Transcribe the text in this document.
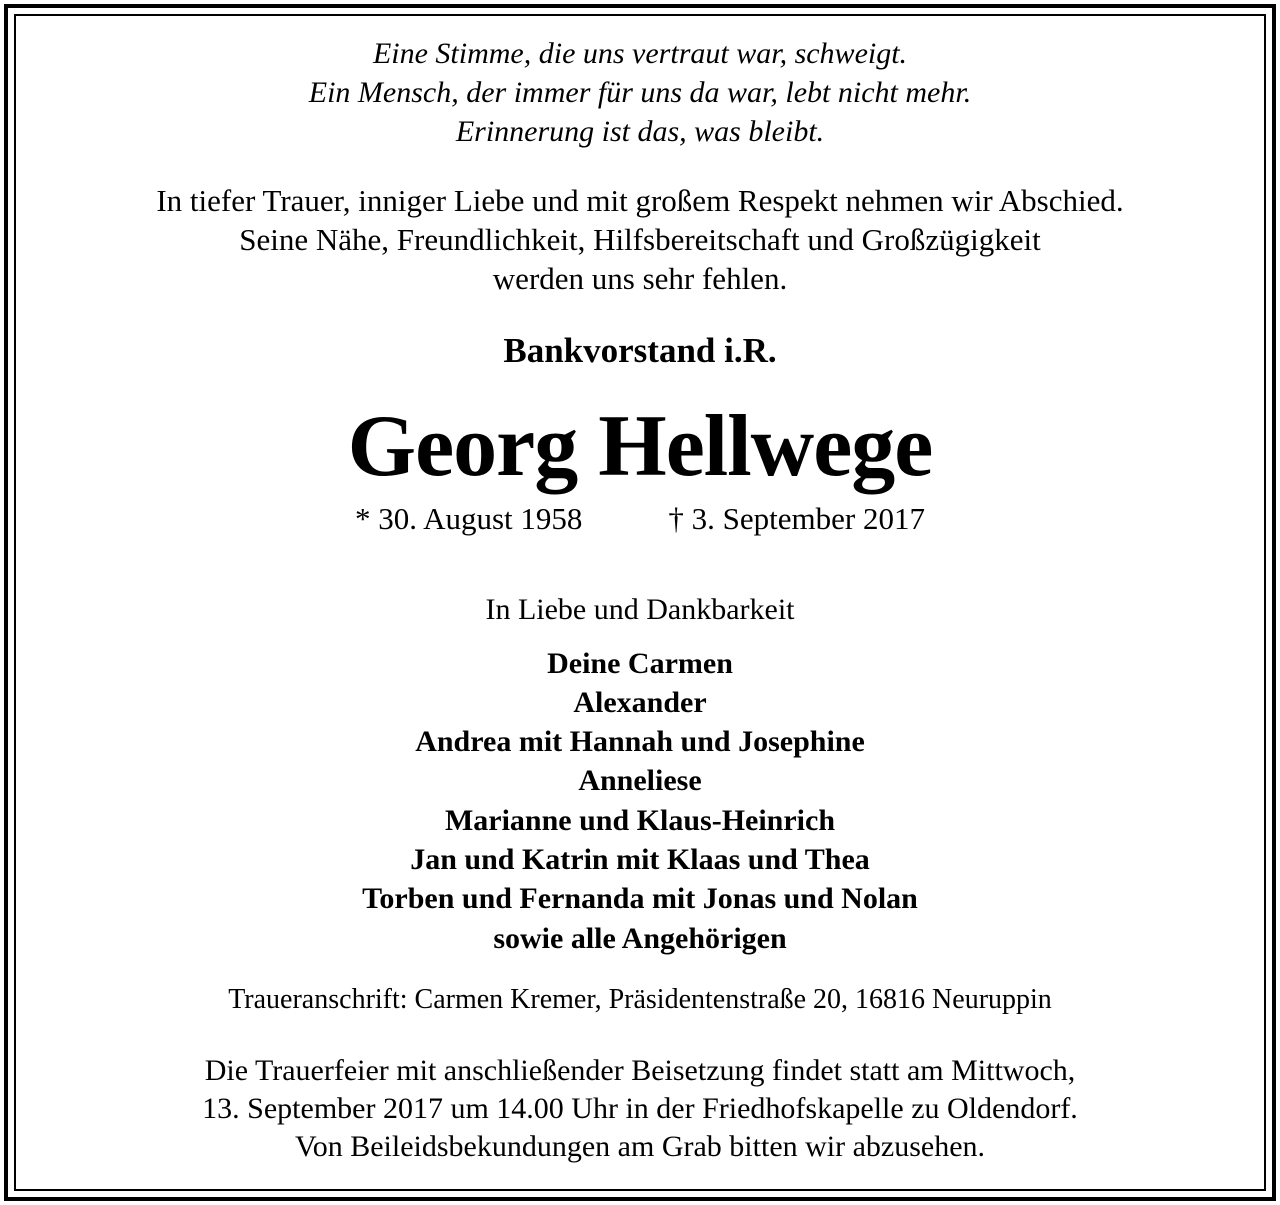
Eine Stimme, die uns vertraut war, schweigt.
Ein Mensch, der immer für uns da war, lebt nicht mehr.
Erinnerung ist das, was bleibt.
In tiefer Trauer, inniger Liebe und mit großem Respekt nehmen wir Abschied.
Seine Nähe, Freundlichkeit, Hilfsbereitschaft und Großzügigkeit
werden uns sehr fehlen.
Bankvorstand i.R.
Georg Hellwege
* 30. August 1958	† 3. September 2017
In Liebe und Dankbarkeit
Deine Carmen
Alexander
Andrea mit Hannah und Josephine
Anneliese
Marianne und Klaus-Heinrich
Jan und Katrin mit Klaas und Thea
Torben und Fernanda mit Jonas und Nolan
sowie alle Angehörigen
Traueranschrift: Carmen Kremer, Präsidentenstraße 20, 16816 Neuruppin
Die Trauerfeier mit anschließender Beisetzung findet statt am Mittwoch,
13. September 2017 um 14.00 Uhr in der Friedhofskapelle zu Oldendorf.
Von Beileidsbekundungen am Grab bitten wir abzusehen.
